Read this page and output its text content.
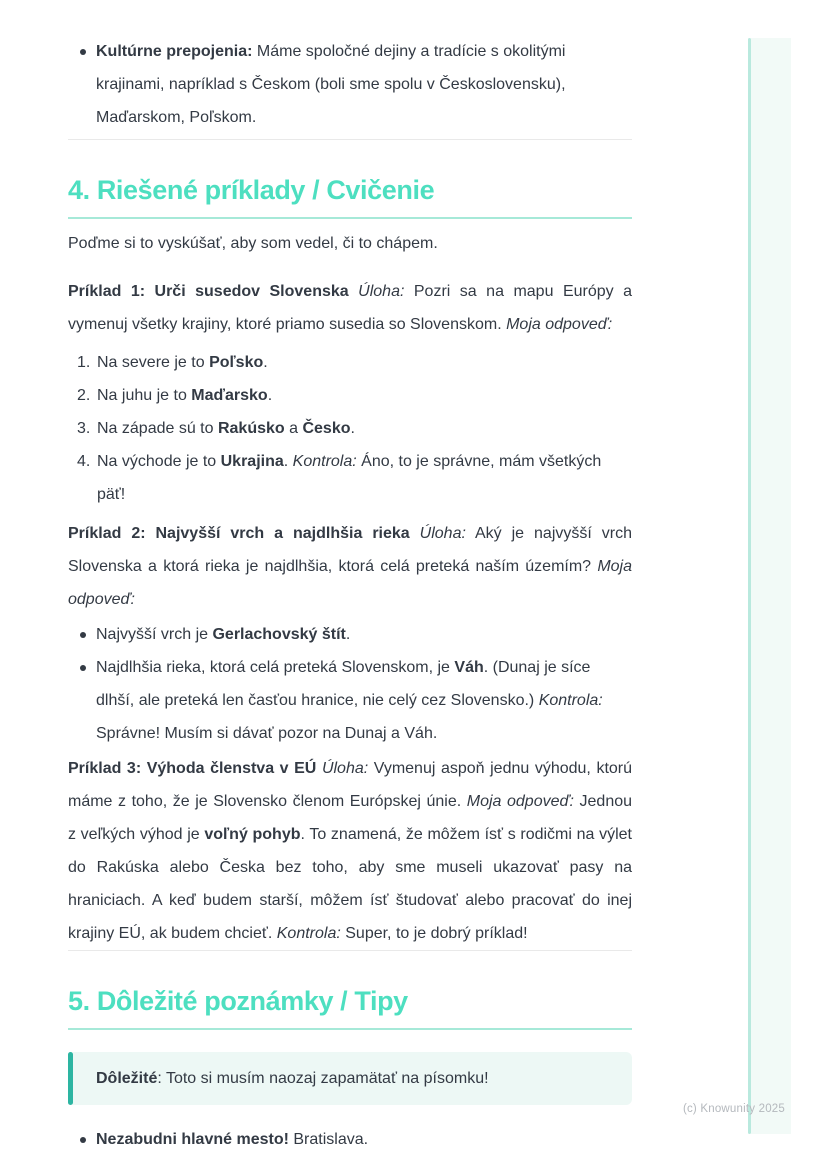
Kultúrne prepojenia: Máme spoločné dejiny a tradície s okolitými krajinami, napríklad s Českom (boli sme spolu v Československu), Maďarskom, Poľskom.
4. Riešené príklady / Cvičenie

Poďme si to vyskúšať, aby som vedel, či to chápem.

Príklad 1: Urči susedov Slovenska Úloha: Pozri sa na mapu Európy a vymenuj všetky krajiny, ktoré priamo susedia so Slovenskom. Moja odpoveď:

Na severe je to Poľsko.
Na juhu je to Maďarsko.
Na západe sú to Rakúsko a Česko.
Na východe je to Ukrajina. Kontrola: Áno, to je správne, mám všetkých päť!

Príklad 2: Najvyšší vrch a najdlhšia rieka Úloha: Aký je najvyšší vrch Slovenska a ktorá rieka je najdlhšia, ktorá celá preteká naším územím? Moja odpoveď:

Najvyšší vrch je Gerlachovský štít.
Najdlhšia rieka, ktorá celá preteká Slovenskom, je Váh. (Dunaj je síce dlhší, ale preteká len časťou hranice, nie celý cez Slovensko.) Kontrola: Správne! Musím si dávať pozor na Dunaj a Váh.

Príklad 3: Výhoda členstva v EÚ Úloha: Vymenuj aspoň jednu výhodu, ktorú máme z toho, že je Slovensko členom Európskej únie. Moja odpoveď: Jednou z veľkých výhod je voľný pohyb. To znamená, že môžem ísť s rodičmi na výlet do Rakúska alebo Česka bez toho, aby sme museli ukazovať pasy na hraniciach. A keď budem starší, môžem ísť študovať alebo pracovať do inej krajiny EÚ, ak budem chcieť. Kontrola: Super, to je dobrý príklad!

5. Dôležité poznámky / Tipy

Dôležité: Toto si musím naozaj zapamätať na písomku!

Nezabudni hlavné mesto! Bratislava.
(c) Knowunity 2025
